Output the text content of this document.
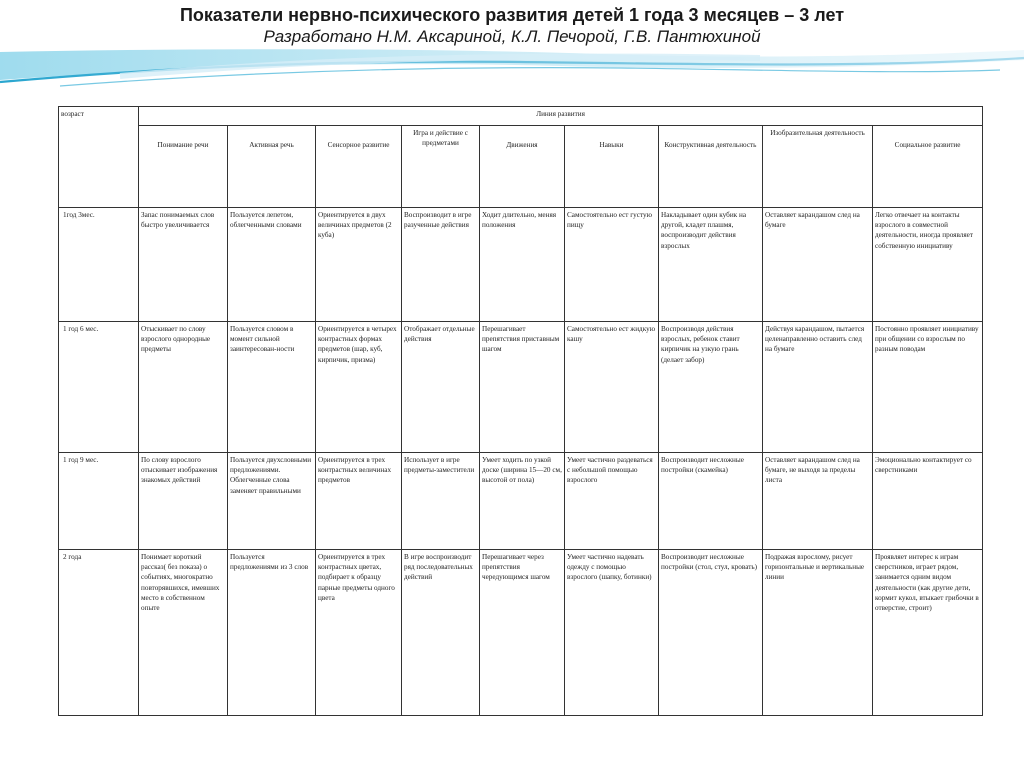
Показатели нервно-психического развития детей 1 года 3 месяцев – 3 лет
Разработано Н.М. Аксариной, К.Л. Печорой, Г.В. Пантюхиной
возраст	Линия развития								
	Понимание речи	Активная речь	Сенсорное развитие	Игра и действие с предметами	Движения	Навыки	Конструктивная деятельность	Изобразительная деятельность	Социальное развитие
1год 3мес.	Запас понимаемых слов быстро увеличивается	Пользуется лепетом, облегченными словами	Ориентируется в двух величинах предметов (2 куба)	Воспроизводит в игре разученные действия	Ходит длительно, меняя положения	Самостоятельно ест густую пищу	Накладывает один кубик на другой, кладет плашмя, воспроизводит действия взрослых	Оставляет карандашом след на бумаге	Легко отвечает на контакты взрослого в совместной деятельности, иногда проявляет собственную инициативу
1 год 6 мес.	Отыскивает по слову взрослого однородные предметы	Пользуется словом в момент сильной заинтересован-ности	Ориентируется в четырех контрастных формах предметов (шар, куб, кирпичик, призма)	Отображает отдельные действия	Перешагивает препятствия приставным шагом	Самостоятельно ест жидкую кашу	Воспроизводя действия взрослых, ребенок ставит кирпичик на узкую грань (делает забор)	Действуя карандашом, пытается целенаправленно оставить след на бумаге	Постоянно проявляет инициативу при общении со взрослым по разным поводам
1 год 9 мес.	По слову взрослого отыскивает изображения знакомых действий	Пользуется двухсловными предложениями. Облегченные слова заменяет правильными	Ориентируется в трех контрастных величинах предметов	Использует в игре предметы-заместители	Умеет ходить по узкой доске (ширина 15—20 см, высотой от пола)	Умеет частично раздеваться с небольшой помощью взрослого	Воспроизводит несложные постройки (скамейка)	Оставляет карандашом след на бумаге, не выходя за пределы листа	Эмоционально контактирует со сверстниками
2 года	Понимает короткий рассказ( без показа) о событиях, многократно повторявшихся, имевших место в собственном опыте	Пользуется предложениями из 3 слов	Ориентируется в трех контрастных цветах, подбирает к образцу парные предметы одного цвета	В игре воспроизводит ряд последовательных действий	Перешагивает через препятствия чередующимся шагом	Умеет частично надевать одежду с помощью взрослого (шапку, ботинки)	Воспроизводит несложные постройки (стол, стул, кровать)	Подражая взрослому, рисует горизонтальные и вертикальные линии	Проявляет интерес к играм сверстников, играет рядом, занимается одним видом деятельности (как другие дети, кормит кукол, втыкает грибочки в отверстие, строит)
